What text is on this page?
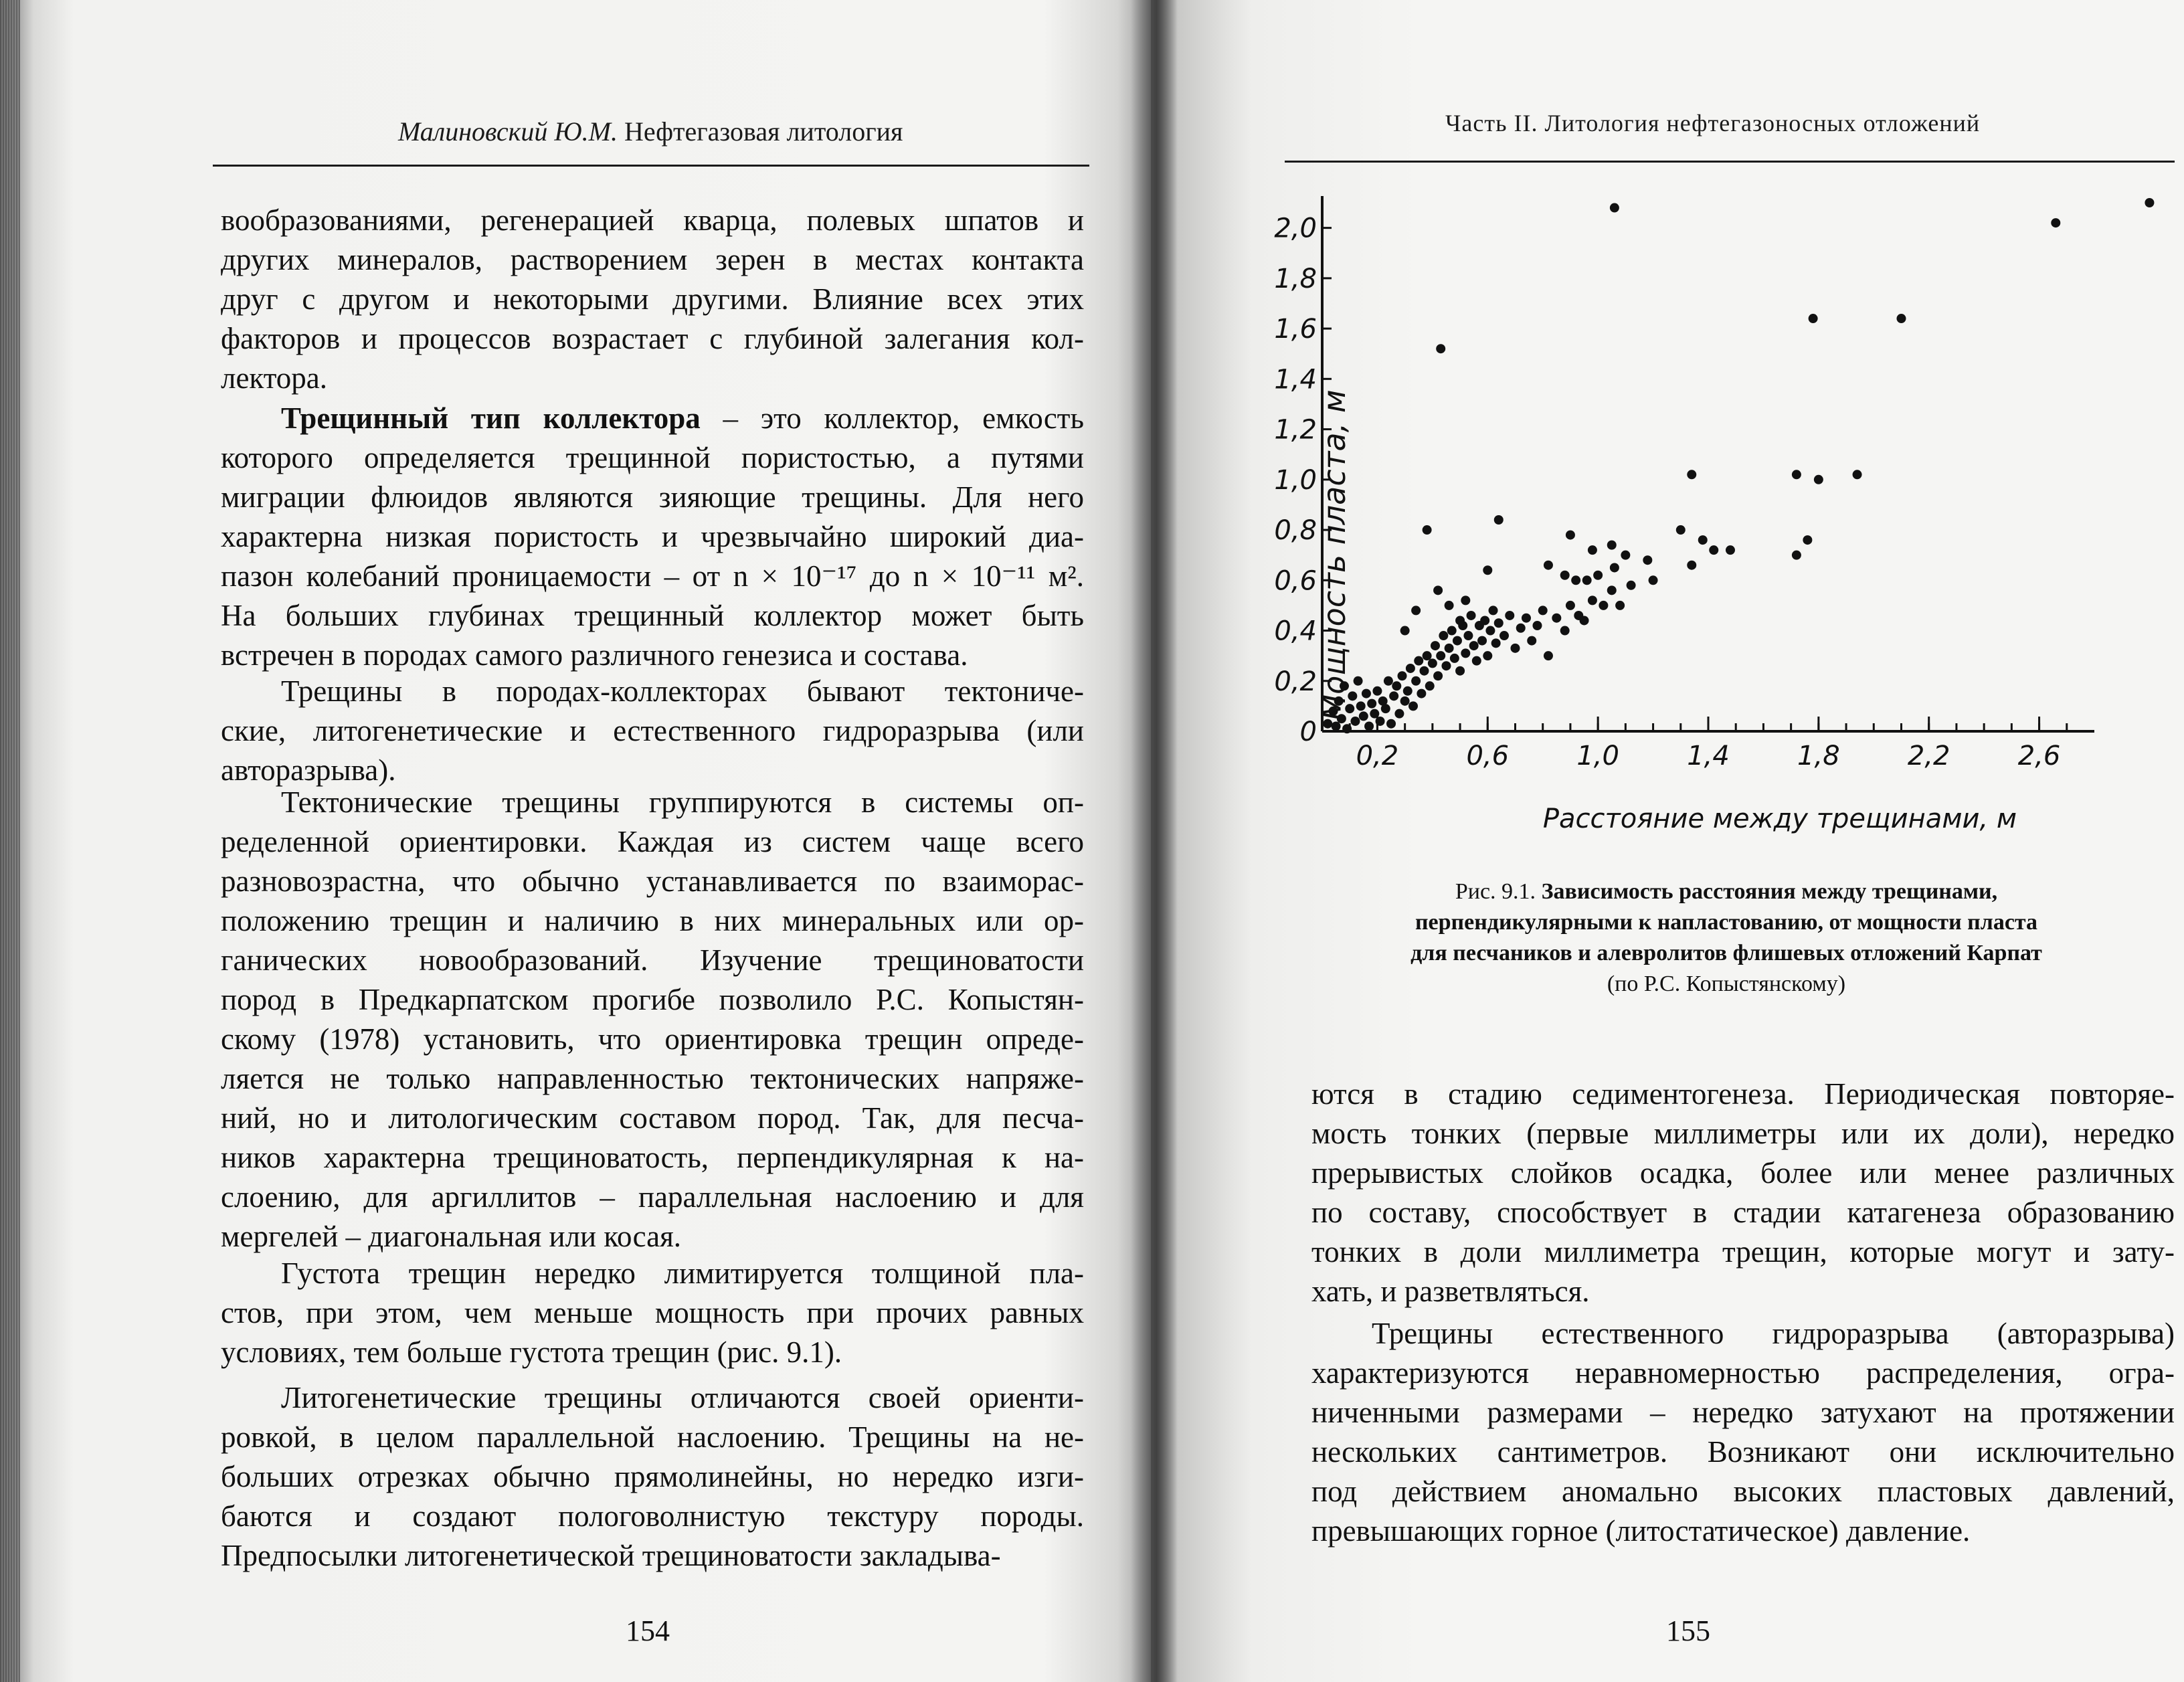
Малиновский Ю.М. Нефтегазовая литология
вообразованиями, регенерацией кварца, полевых шпатов и
других минералов, растворением зерен в местах контакта
друг с другом и некоторыми другими. Влияние всех этих
факторов и процессов возрастает с глубиной залегания кол-
лектора.
Трещинный тип коллектора – это коллектор, емкость
которого определяется трещинной пористостью, а путями
миграции флюидов являются зияющие трещины. Для него
характерна низкая пористость и чрезвычайно широкий диа-
пазон колебаний проницаемости – от n × 10⁻¹⁷ до n × 10⁻¹¹ м².
На больших глубинах трещинный коллектор может быть
встречен в породах самого различного генезиса и состава.
Трещины в породах-коллекторах бывают тектониче-
ские, литогенетические и естественного гидроразрыва (или
авторазрыва).
Тектонические трещины группируются в системы оп-
ределенной ориентировки. Каждая из систем чаще всего
разновозрастна, что обычно устанавливается по взаиморас-
положению трещин и наличию в них минеральных или ор-
ганических новообразований. Изучение трещиноватости
пород в Предкарпатском прогибе позволило Р.С. Копыстян-
скому (1978) установить, что ориентировка трещин опреде-
ляется не только направленностью тектонических напряже-
ний, но и литологическим составом пород. Так, для песча-
ников характерна трещиноватость, перпендикулярная к на-
слоению, для аргиллитов – параллельная наслоению и для
мергелей – диагональная или косая.
Густота трещин нередко лимитируется толщиной пла-
стов, при этом, чем меньше мощность при прочих равных
условиях, тем больше густота трещин (рис. 9.1).
Литогенетические трещины отличаются своей ориенти-
ровкой, в целом параллельной наслоению. Трещины на не-
больших отрезках обычно прямолинейны, но нередко изги-
баются и создают пологоволнистую текстуру породы.
Предпосылки литогенетической трещиноватости закладыва-
154
Часть II. Литология нефтегазоносных отложений
Рис. 9.1. Зависимость расстояния между трещинами,
перпендикулярными к напластованию, от мощности пласта
для песчаников и алевролитов флишевых отложений Карпат
(по Р.С. Копыстянскому)
ются в стадию седиментогенеза. Периодическая повторяе-
мость тонких (первые миллиметры или их доли), нередко
прерывистых слойков осадка, более или менее различных
по составу, способствует в стадии катагенеза образованию
тонких в доли миллиметра трещин, которые могут и зату-
хать, и разветвляться.
Трещины естественного гидроразрыва (авторазрыва)
характеризуются неравномерностью распределения, огра-
ниченными размерами – нередко затухают на протяжении
нескольких сантиметров. Возникают они исключительно
под действием аномально высоких пластовых давлений,
превышающих горное (литостатическое) давление.
155
0
0,2
0,4
0,6
0,8
1,0
1,2
1,4
1,6
1,8
2,0
0,2	0,6	1,0	1,4	1,8	2,2	2,6
Мощность пласта, м
Расстояние между трещинами, м
